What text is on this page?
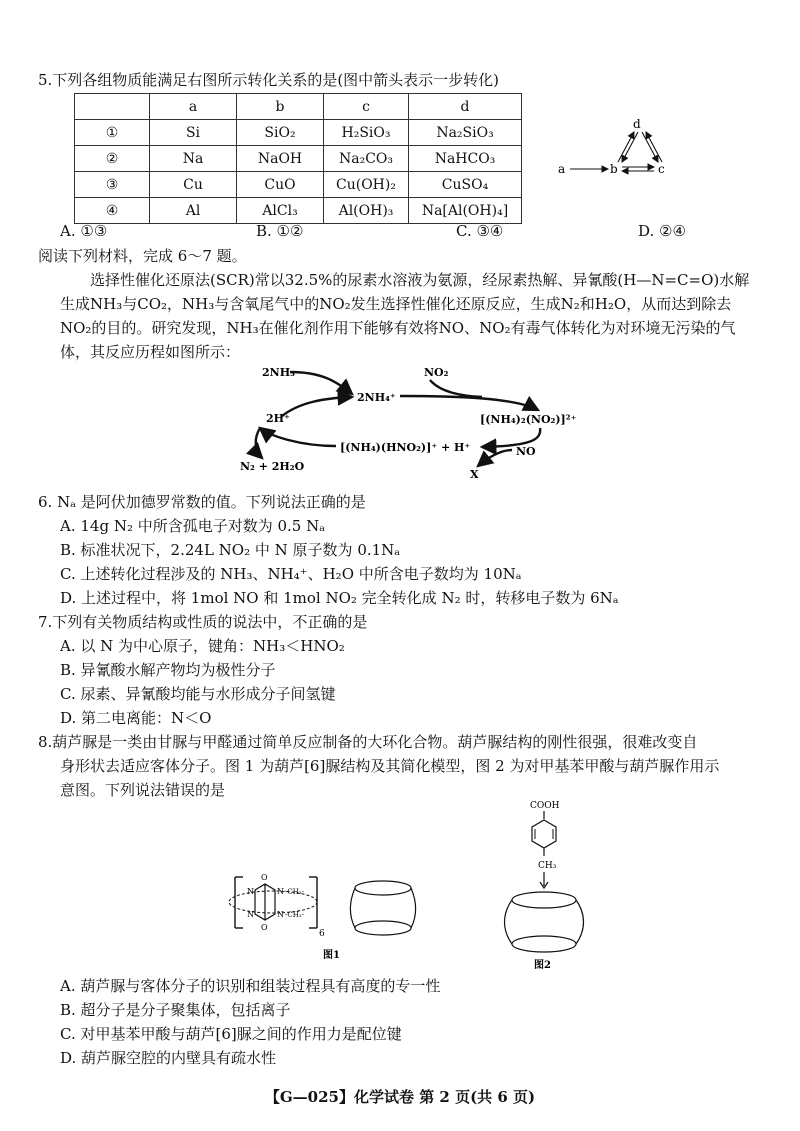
5.下列各组物质能满足右图所示转化关系的是(图中箭头表示一步转化)
	a	b	c	d
①	Si	SiO₂	H₂SiO₃	Na₂SiO₃
②	Na	NaOH	Na₂CO₃	NaHCO₃
③	Cu	CuO	Cu(OH)₂	CuSO₄
④	Al	AlCl₃	Al(OH)₃	Na[Al(OH)₄]
a	b	c
d
A. ①③	B. ①②	C. ③④	D. ②④
阅读下列材料，完成 6～7 题。
选择性催化还原法(SCR)常以32.5%的尿素水溶液为氨源，经尿素热解、异氰酸(H—N=C=O)水解生成NH₃与CO₂，NH₃与含氧尾气中的NO₂发生选择性催化还原反应，生成N₂和H₂O，从而达到除去NO₂的目的。研究发现，NH₃在催化剂作用下能够有效将NO、NO₂有毒气体转化为对环境无污染的气体，其反应历程如图所示：
2NH₃
2NH₄⁺
NO₂
[(NH₄)₂(NO₂)]²⁺
2H⁺
[(NH₄)(HNO₂)]⁺ + H⁺	NO
X
N₂ + 2H₂O
6. Nₐ 是阿伏加德罗常数的值。下列说法正确的是
A. 14g N₂ 中所含孤电子对数为 0.5 Nₐ
B. 标准状况下，2.24L NO₂ 中 N 原子数为 0.1Nₐ
C. 上述转化过程涉及的 NH₃、NH₄⁺、H₂O 中所含电子数均为 10Nₐ
D. 上述过程中，将 1mol NO 和 1mol NO₂ 完全转化成 N₂ 时，转移电子数为 6Nₐ
7.下列有关物质结构或性质的说法中，不正确的是
A. 以 N 为中心原子，键角：NH₃＜HNO₂
B. 异氰酸水解产物均为极性分子
C. 尿素、异氰酸均能与水形成分子间氢键
D. 第二电离能：N＜O
8.葫芦脲是一类由甘脲与甲醛通过简单反应制备的大环化合物。葫芦脲结构的刚性很强，很难改变自
身形状去适应客体分子。图 1 为葫芦[6]脲结构及其简化模型，图 2 为对甲基苯甲酸与葫芦脲作用示
意图。下列说法错误的是
6
O
O
N	N
N	N
-CH₂-
-CH₂-
图1
COOH
CH₃
图2
A. 葫芦脲与客体分子的识别和组装过程具有高度的专一性
B. 超分子是分子聚集体，包括离子
C. 对甲基苯甲酸与葫芦[6]脲之间的作用力是配位键
D. 葫芦脲空腔的内壁具有疏水性
【G—025】化学试卷 第 2 页(共 6 页)
